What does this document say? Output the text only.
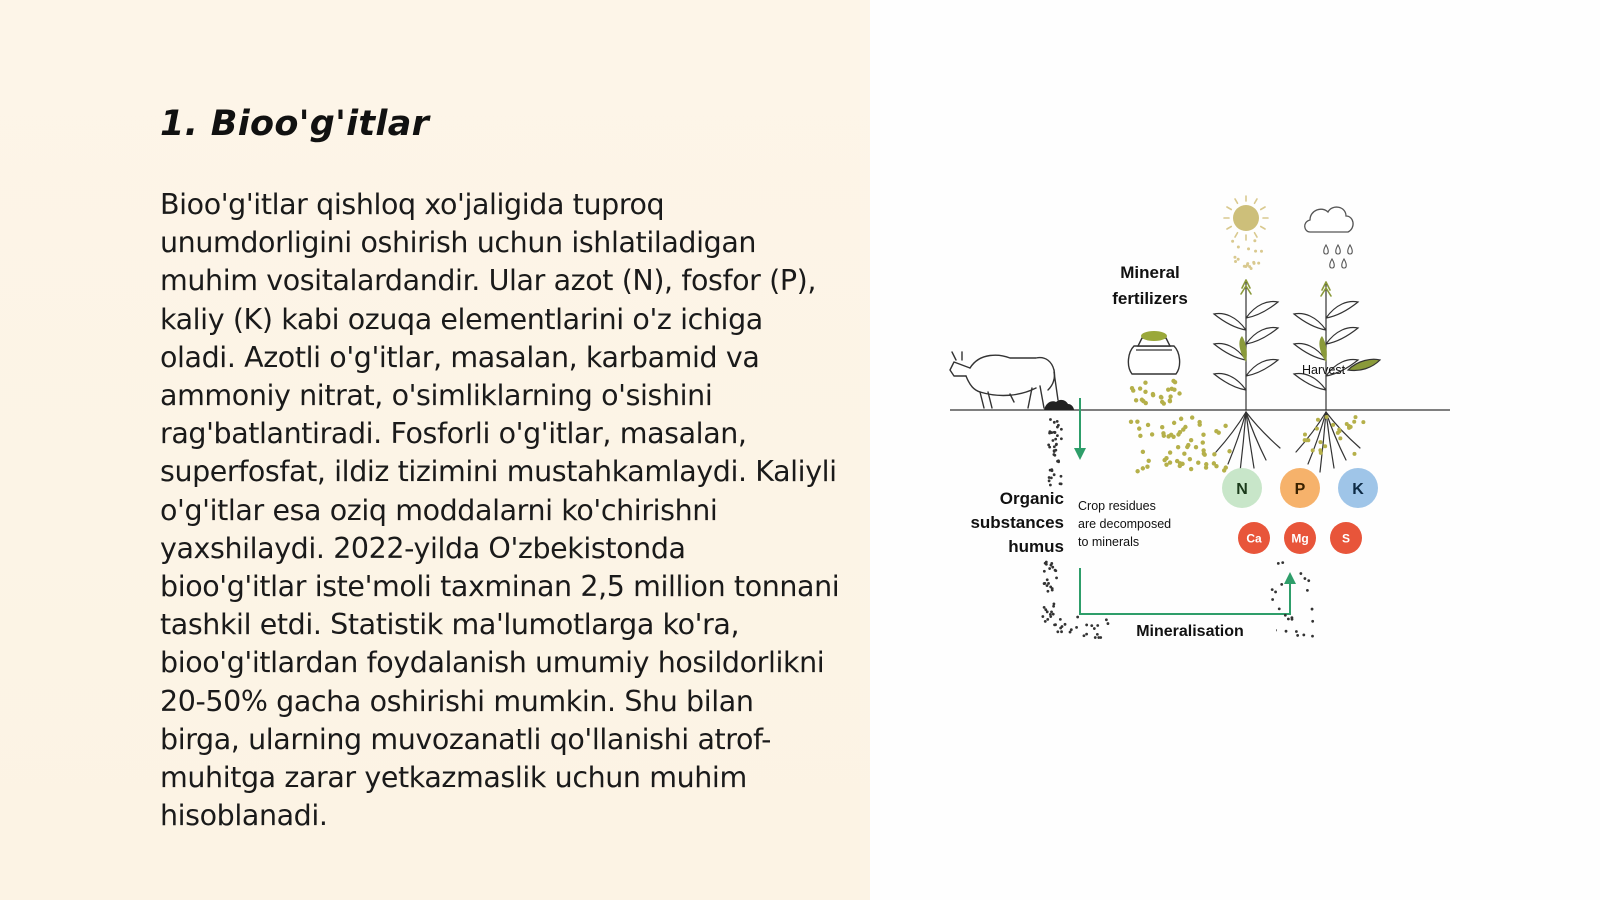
1. Bioo'g'itlar

Bioo'g'itlar qishloq xo'jaligida tuproq unumdorligini oshirish uchun ishlatiladigan muhim vositalardandir. Ular azot (N), fosfor (P), kaliy (K) kabi ozuqa elementlarini o'z ichiga oladi. Azotli o'g'itlar, masalan, karbamid va ammoniy nitrat, o'simliklarning o'sishini rag'batlantiradi. Fosforli o'g'itlar, masalan, superfosfat, ildiz tizimini mustahkamlaydi. Kaliyli o'g'itlar esa oziq moddalarni ko'chirishni yaxshilaydi. 2022-yilda O'zbekistonda bioo'g'itlar iste'moli taxminan 2,5 million tonnani tashkil etdi. Statistik ma'lumotlarga ko'ra, bioo'g'itlardan foydalanish umumiy hosildorlikni 20-50% gacha oshirishi mumkin. Shu bilan birga, ularning muvozanatli qo'llanishi atrof-muhitga zarar yetkazmaslik uchun muhim hisoblanadi.

Mineral
fertilizers
Harvest
Organic
substances
humus
Crop residues
are decomposed
to minerals
N	P	K
Ca Mg	S
Mineralisation
